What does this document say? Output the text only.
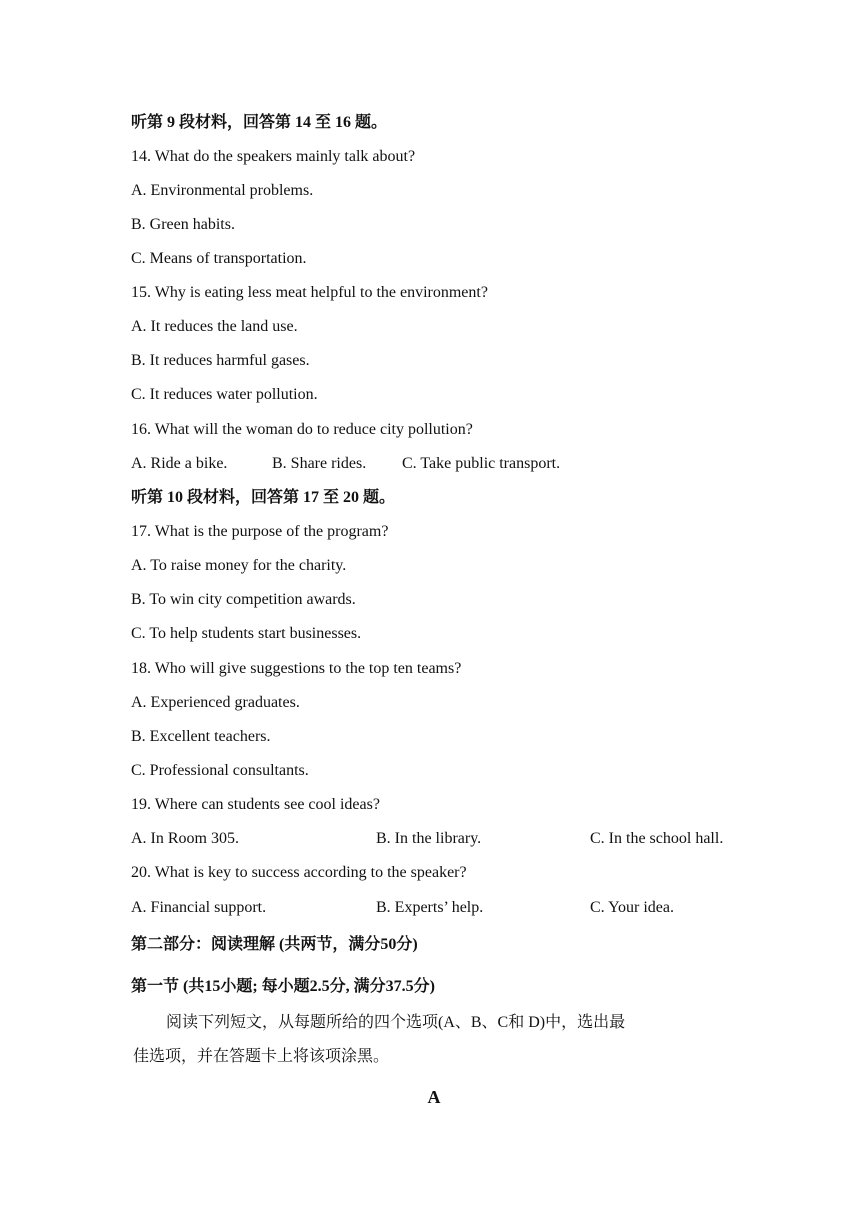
听第 9 段材料，回答第 14 至 16 题。
14. What do the speakers mainly talk about?
A. Environmental problems.
B. Green habits.
C. Means of transportation.
15. Why is eating less meat helpful to the environment?
A. It reduces the land use.
B. It reduces harmful gases.
C. It reduces water pollution.
16. What will the woman do to reduce city pollution?
A. Ride a bike.	B. Share rides. C. Take public transport.
听第 10 段材料，回答第 17 至 20 题。
17. What is the purpose of the program?
A. To raise money for the charity.
B. To win city competition awards.
C. To help students start businesses.
18. Who will give suggestions to the top ten teams?
A. Experienced graduates.
B. Excellent teachers.
C. Professional consultants.
19. Where can students see cool ideas?
A. In Room 305.	B. In the library.	C. In the school hall.
20. What is key to success according to the speaker?
A. Financial support.	B. Experts’ help.	C. Your idea.
第二部分：阅读理解 (共两节，满分50分)
第一节 (共15小题; 每小题2.5分, 满分37.5分)
阅读下列短文，从每题所给的四个选项(A、B、C和 D)中，选出最
佳选项，并在答题卡上将该项涂黑。
A
